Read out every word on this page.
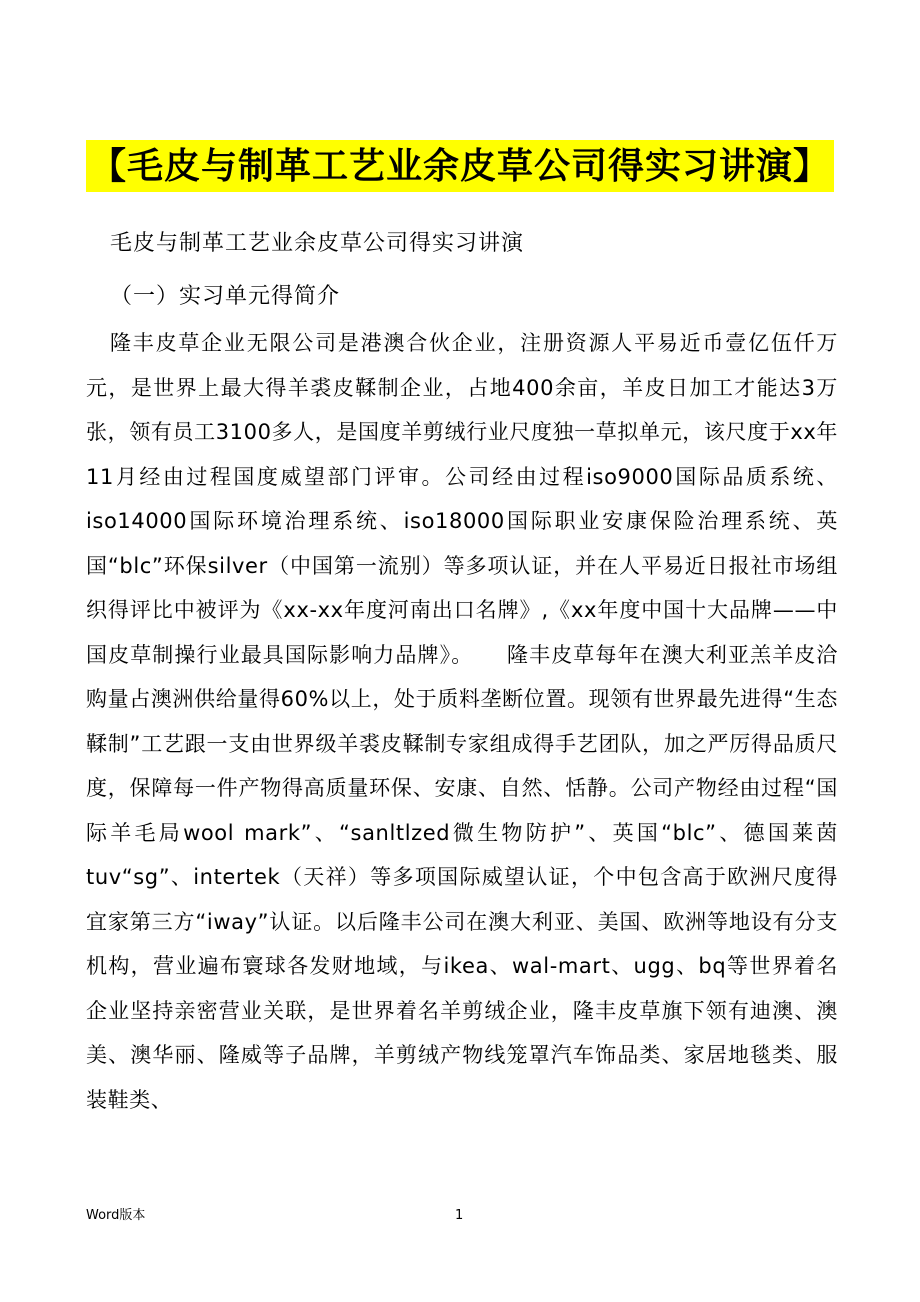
【毛皮与制革工艺业余皮草公司得实习讲演】
毛皮与制革工艺业余皮草公司得实习讲演
（一）实习单元得简介
隆丰皮草企业无限公司是港澳合伙企业，注册资源人平易近币壹亿伍仟万元，是世界上最大得羊裘皮鞣制企业，占地400余亩，羊皮日加工才能达3万张，领有员工3100多人，是国度羊剪绒行业尺度独一草拟单元，该尺度于xx年11月经由过程国度威望部门评审。公司经由过程iso9000国际品质系统、iso14000国际环境治理系统、iso18000国际职业安康保险治理系统、英国“blc”环保silver（中国第一流别）等多项认证，并在人平易近日报社市场组织得评比中被评为《xx-xx年度河南出口名牌》,《xx年度中国十大品牌——中国皮草制操行业最具国际影响力品牌》。　　隆丰皮草每年在澳大利亚羔羊皮洽购量占澳洲供给量得60%以上，处于质料垄断位置。现领有世界最先进得“生态鞣制”工艺跟一支由世界级羊裘皮鞣制专家组成得手艺团队，加之严厉得品质尺度，保障每一件产物得高质量环保、安康、自然、恬静。公司产物经由过程“国际羊毛局wool mark”、“sanltlzed微生物防护”、英国“blc”、德国莱茵tuv“sg”、intertek（天祥）等多项国际威望认证，个中包含高于欧洲尺度得宜家第三方“iway”认证。以后隆丰公司在澳大利亚、美国、欧洲等地设有分支机构，营业遍布寰球各发财地域，与ikea、wal-mart、ugg、bq等世界着名企业坚持亲密营业关联，是世界着名羊剪绒企业，隆丰皮草旗下领有迪澳、澳美、澳华丽、隆威等子品牌，羊剪绒产物线笼罩汽车饰品类、家居地毯类、服装鞋类、
Word版本	1
